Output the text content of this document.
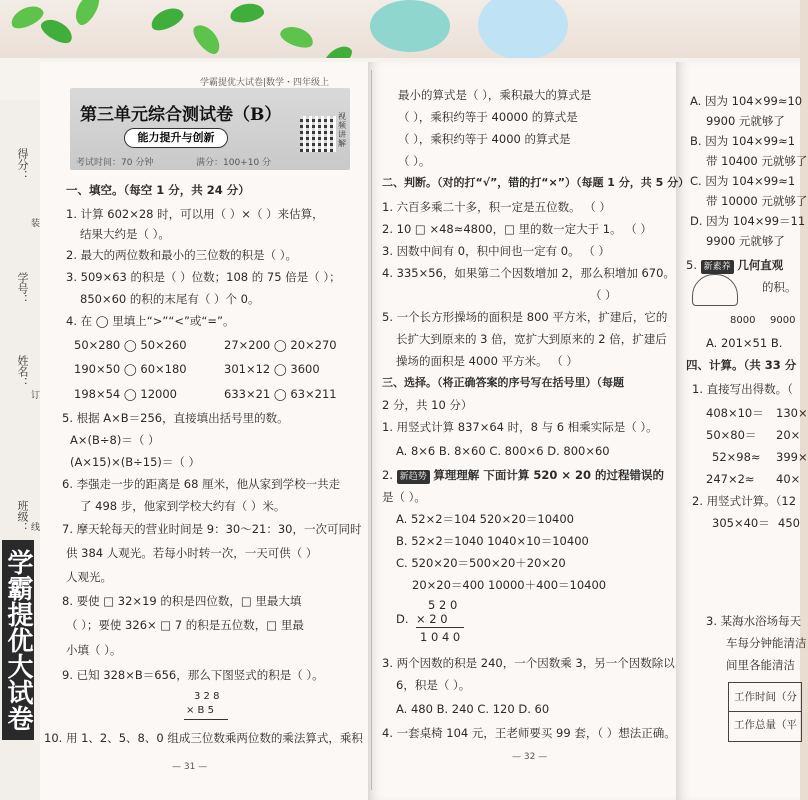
得分：
学号：
姓名：
班级：
装
订
线
学霸提优大试卷
学霸提优大试卷|数学・四年级上
第三单元综合测试卷（B）
能力提升与创新
视频讲解
考试时间：70 分钟	满分：100+10 分
一、填空。（每空 1 分，共 24 分）
1. 计算 602×28 时，可以用（ ）×（ ）来估算，
结果大约是（ ）。
2. 最大的两位数和最小的三位数的积是（ ）。
3. 509×63 的积是（ ）位数；108 的 75 倍是（ ）；
850×60 的积的末尾有（ ）个 0。
4. 在 ◯ 里填上“>”“<”或“=”。
50×280 ◯ 50×260	27×200 ◯ 20×270
190×50 ◯ 60×180	301×12 ◯ 3600
198×54 ◯ 12000	633×21 ◯ 63×211
5. 根据 A×B＝256，直接填出括号里的数。
A×(B÷8)＝（ ）
(A×15)×(B÷15)＝（ ）
6. 李强走一步的距离是 68 厘米，他从家到学校一共走
了 498 步，他家到学校大约有（ ）米。
7. 摩天轮每天的营业时间是 9：30～21：30，一次可同时
供 384 人观光。若每小时转一次，一天可供（ ）
人观光。
8. 要使 □ 32×19 的积是四位数，□ 里最大填
（ ）；要使 326× □ 7 的积是五位数，□ 里最
小填（ ）。
9. 已知 328×B＝656，那么下图竖式的积是（ ）。
3 2 8
× B 5
10. 用 1、2、5、8、0 组成三位数乘两位数的乘法算式，乘积
— 31 —
最小的算式是（ ），乘积最大的算式是
（ ），乘积约等于 40000 的算式是
（ ），乘积约等于 4000 的算式是
（ ）。
二、判断。（对的打“√”，错的打“×”）（每题 1 分，共 5 分）
1. 六百多乘二十多，积一定是五位数。 （ ）
2. 10 □ ×48≈4800，□ 里的数一定大于 1。 （ ）
3. 因数中间有 0，积中间也一定有 0。 （ ）
4. 335×56，如果第二个因数增加 2，那么积增加 670。
（ ）
5. 一个长方形操场的面积是 800 平方米，扩建后，它的
长扩大到原来的 3 倍，宽扩大到原来的 2 倍，扩建后
操场的面积是 4000 平方米。 （ ）
三、选择。（将正确答案的序号写在括号里）（每题
2 分，共 10 分）
1. 用竖式计算 837×64 时，8 与 6 相乘实际是（ ）。
A. 8×6 B. 8×60 C. 800×6 D. 800×60
2. 新趋势 算理理解 下面计算 520 × 20 的过程错误的
是（ ）。
A. 52×2＝104 520×20＝10400
B. 52×2＝1040 1040×10＝10400
C. 520×20＝500×20＋20×20
20×20＝400 10000＋400＝10400
D.
5 2 0
× 2 0
1 0 4 0
3. 两个因数的积是 240，一个因数乘 3，另一个因数除以
6，积是（ ）。
A. 480 B. 240 C. 120 D. 60
4. 一套桌椅 104 元，王老师要买 99 套，（ ）想法正确。
— 32 —
A. 因为 104×99≈10
9900 元就够了
B. 因为 104×99≈1
带 10400 元就够了
C. 因为 104×99≈1
带 10000 元就够了
D. 因为 104×99＝11
9900 元就够了
5. 新素养 几何直观
的积。
8000 9000
A. 201×51 B.
四、计算。（共 33 分
1. 直接写出得数。（
408×10＝ 130×
50×80＝ 20×
52×98≈ 399×
247×2≈ 40×
2. 用竖式计算。（12
305×40＝ 450
3. 某海水浴场每天
车每分钟能清洁
间里各能清洁
工作时间（分
工作总量（平
